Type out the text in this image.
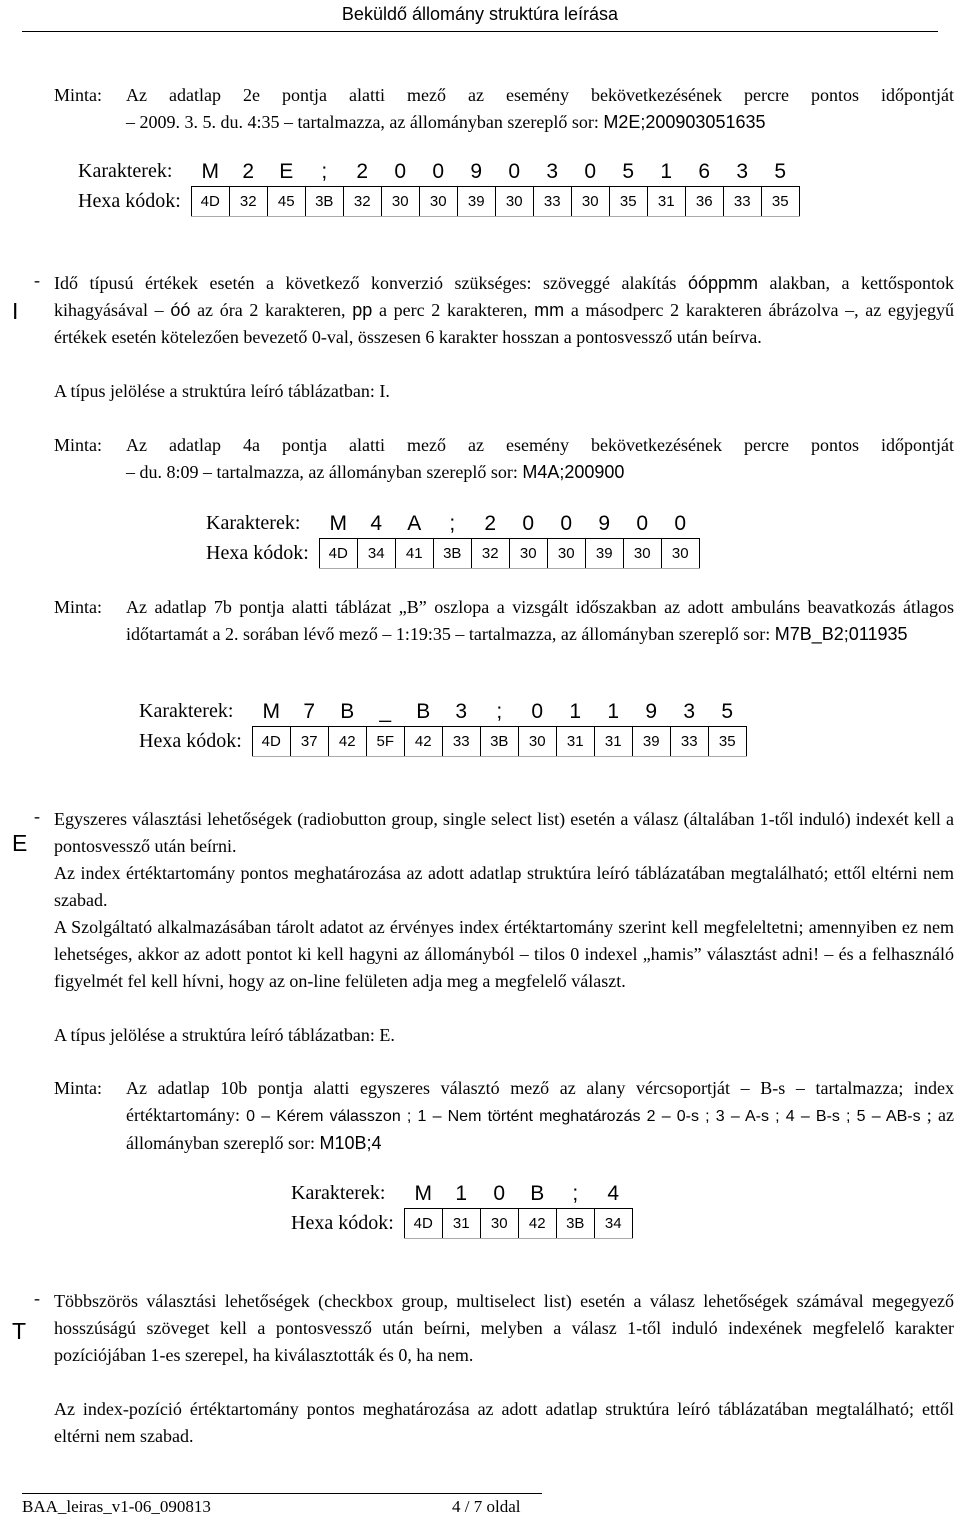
Beküldő állomány struktúra leírása
Minta: Az adatlap 2e pontja alatti mező az esemény bekövetkezésének percre pontos időpontját
– 2009. 3. 5. du. 4:35 – tartalmazza, az állományban szereplő sor: M2E;200903051635
Karakterek:	M	2	E	;	2	0	0	9	0	3	0	5	1	6	3	5
Hexa kódok:	4D	32	45	3B	32	30	30	39	30	33	30	35	31	36	33	35
I
- Idő típusú értékek esetén a következő konverzió szükséges: szöveggé alakítás óóppmm alakban, a kettőspontok kihagyásával – óó az óra 2 karakteren, pp a perc 2 karakteren, mm a másodperc 2 karakteren ábrázolva –, az egyjegyű értékek esetén kötelezően bevezető 0-val, összesen 6 karakter hosszan a pontosvessző után beírva.
A típus jelölése a struktúra leíró táblázatban: I.
Minta: Az adatlap 4a pontja alatti mező az esemény bekövetkezésének percre pontos időpontját
– du. 8:09 – tartalmazza, az állományban szereplő sor: M4A;200900
Karakterek:	M	4	A	;	2	0	0	9	0	0
Hexa kódok:	4D	34	41	3B	32	30	30	39	30	30
Minta: Az adatlap 7b pontja alatti táblázat „B” oszlopa a vizsgált időszakban az adott ambuláns beavatkozás átlagos időtartamát a 2. sorában lévő mező – 1:19:35 – tartalmazza, az állományban szereplő sor: M7B_B2;011935
Karakterek:	M	7	B	_	B	3	;	0	1	1	9	3	5
Hexa kódok:	4D	37	42	5F	42	33	3B	30	31	31	39	33	35
E
- Egyszeres választási lehetőségek (radiobutton group, single select list) esetén a válasz (általában 1-től induló) indexét kell a pontosvessző után beírni.
Az index értéktartomány pontos meghatározása az adott adatlap struktúra leíró táblázatában megtalálható; ettől eltérni nem szabad.
A Szolgáltató alkalmazásában tárolt adatot az érvényes index értéktartomány szerint kell megfeleltetni; amennyiben ez nem lehetséges, akkor az adott pontot ki kell hagyni az állományból – tilos 0 indexel „hamis” választást adni! – és a felhasználó figyelmét fel kell hívni, hogy az on-line felületen adja meg a megfelelő választ.
A típus jelölése a struktúra leíró táblázatban: E.
Minta: Az adatlap 10b pontja alatti egyszeres választó mező az alany vércsoportját – B-s – tartalmazza; index értéktartomány: 0 – Kérem válasszon ; 1 – Nem történt meghatározás 2 – 0-s ; 3 – A-s ; 4 – B-s ; 5 – AB-s ; az állományban szereplő sor: M10B;4
Karakterek:	M	1	0	B	;	4
Hexa kódok:	4D	31	30	42	3B	34
T
- Többszörös választási lehetőségek (checkbox group, multiselect list) esetén a válasz lehetőségek számával megegyező hosszúságú szöveget kell a pontosvessző után beírni, melyben a válasz 1-től induló indexének megfelelő karakter pozíciójában 1-es szerepel, ha kiválasztották és 0, ha nem.
Az index-pozíció értéktartomány pontos meghatározása az adott adatlap struktúra leíró táblázatában megtalálható; ettől eltérni nem szabad.
BAA_leiras_v1-06_090813	4 / 7 oldal
